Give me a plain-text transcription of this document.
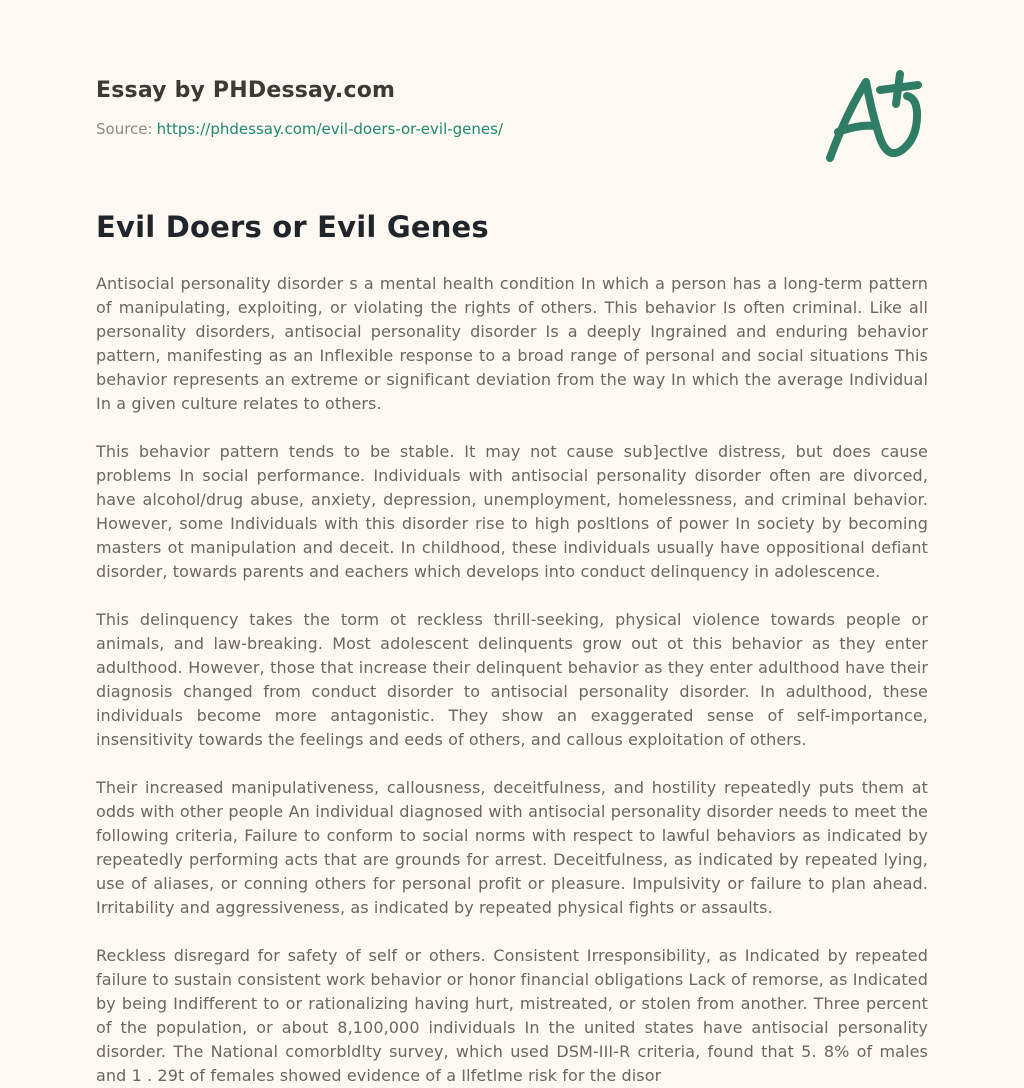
Essay by PHDessay.com
Source: https://phdessay.com/evil-doers-or-evil-genes/
Evil Doers or Evil Genes

Antisocial personality disorder s a mental health condition In which a person has a long-term pattern of manipulating, exploiting, or violating the rights of others. This behavior Is often criminal. Like all personality disorders, antisocial personality disorder Is a deeply Ingrained and enduring behavior pattern, manifesting as an Inflexible response to a broad range of personal and social situations This behavior represents an extreme or significant deviation from the way In which the average Individual In a given culture relates to others.

This behavior pattern tends to be stable. It may not cause sub]ectlve distress, but does cause problems In social performance. Individuals with antisocial personality disorder often are divorced, have alcohol/drug abuse, anxiety, depression, unemployment, homelessness, and criminal behavior. However, some Individuals with this disorder rise to high posltlons of power In society by becoming masters ot manipulation and deceit. In childhood, these individuals usually have oppositional defiant disorder, towards parents and eachers which develops into conduct delinquency in adolescence.

This delinquency takes the torm ot reckless thrill-seeking, physical violence towards people or animals, and law-breaking. Most adolescent delinquents grow out ot this behavior as they enter adulthood. However, those that increase their delinquent behavior as they enter adulthood have their diagnosis changed from conduct disorder to antisocial personality disorder. In adulthood, these individuals become more antagonistic. They show an exaggerated sense of self-importance, insensitivity towards the feelings and eeds of others, and callous exploitation of others.

Their increased manipulativeness, callousness, deceitfulness, and hostility repeatedly puts them at odds with other people An individual diagnosed with antisocial personality disorder needs to meet the following criteria, Failure to conform to social norms with respect to lawful behaviors as indicated by repeatedly performing acts that are grounds for arrest. Deceitfulness, as indicated by repeated lying, use of aliases, or conning others for personal profit or pleasure. Impulsivity or failure to plan ahead. Irritability and aggressiveness, as indicated by repeated physical fights or assaults.

Reckless disregard for safety of self or others. Consistent Irresponsibility, as Indicated by repeated failure to sustain consistent work behavior or honor financial obligations Lack of remorse, as Indicated by being Indifferent to or rationalizing having hurt, mistreated, or stolen from another. Three percent of the population, or about 8,100,000 individuals In the united states have antisocial personality disorder. The National comorbldlty survey, which used DSM-III-R criteria, found that 5. 8% of males and 1 . 29t of females showed evidence of a Ilfetlme risk for the disor
